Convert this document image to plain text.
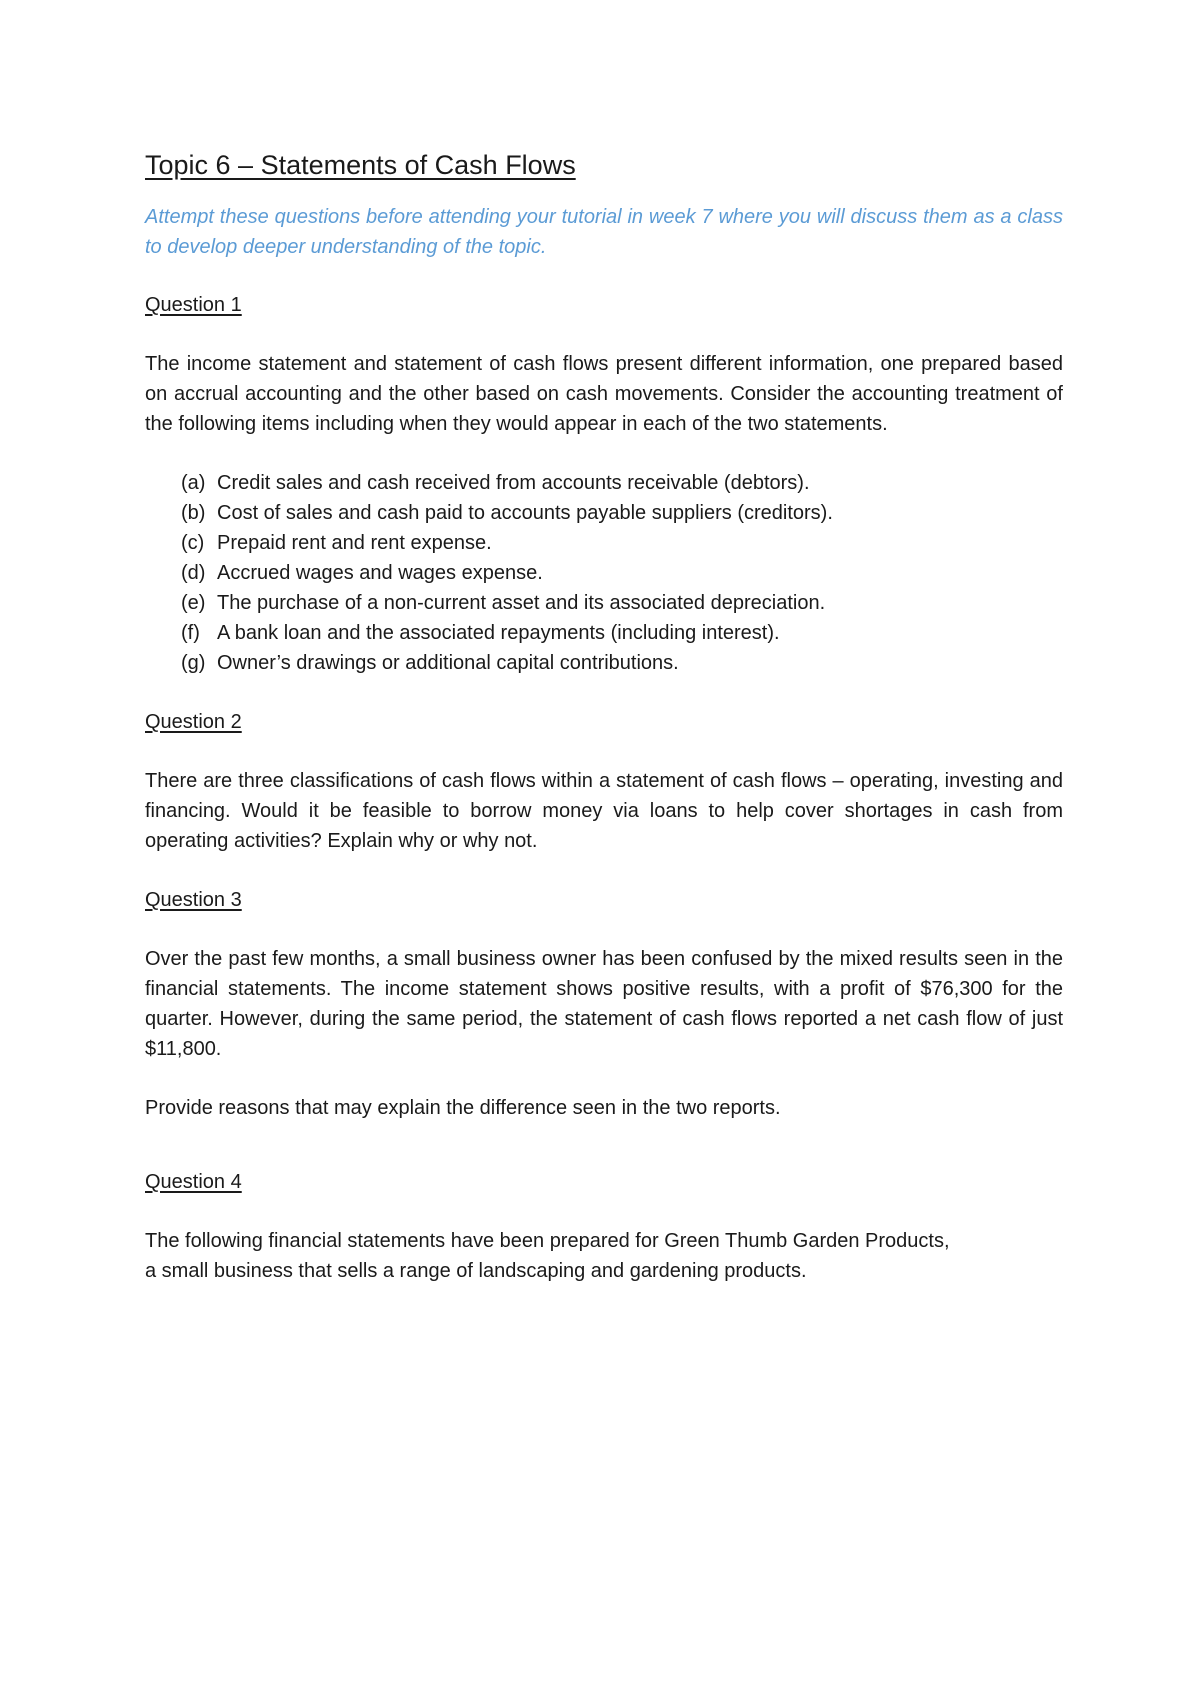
Topic 6 – Statements of Cash Flows

Attempt these questions before attending your tutorial in week 7 where you will discuss them as a class to develop deeper understanding of the topic.

Question 1

The income statement and statement of cash flows present different information, one prepared based on accrual accounting and the other based on cash movements. Consider the accounting treatment of the following items including when they would appear in each of the two statements.

(a) Credit sales and cash received from accounts receivable (debtors).
(b) Cost of sales and cash paid to accounts payable suppliers (creditors).
(c) Prepaid rent and rent expense.
(d) Accrued wages and wages expense.
(e) The purchase of a non-current asset and its associated depreciation.
(f) A bank loan and the associated repayments (including interest).
(g) Owner’s drawings or additional capital contributions.
Question 2

There are three classifications of cash flows within a statement of cash flows – operating, investing and financing. Would it be feasible to borrow money via loans to help cover shortages in cash from operating activities? Explain why or why not.

Question 3

Over the past few months, a small business owner has been confused by the mixed results seen in the financial statements. The income statement shows positive results, with a profit of $76,300 for the quarter. However, during the same period, the statement of cash flows reported a net cash flow of just $11,800.

Provide reasons that may explain the difference seen in the two reports.

Question 4

The following financial statements have been prepared for Green Thumb Garden Products,

a small business that sells a range of landscaping and gardening products.
